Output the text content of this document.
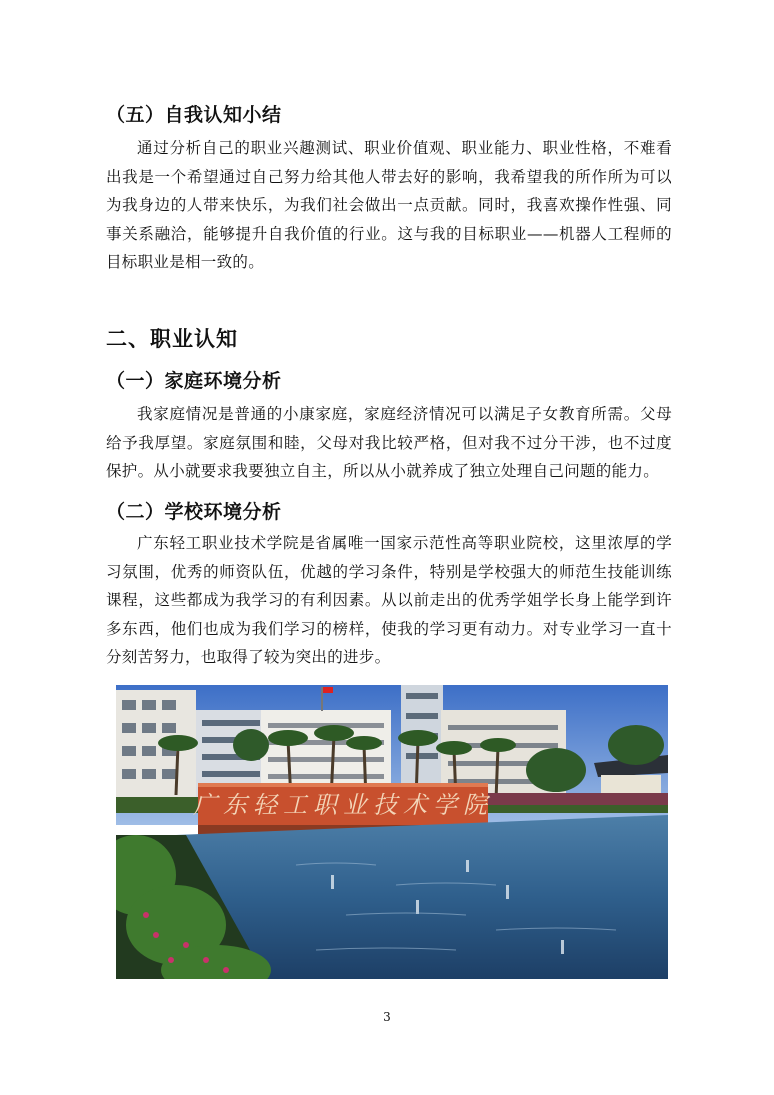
（五）自我认知小结
通过分析自己的职业兴趣测试、职业价值观、职业能力、职业性格，不难看出我是一个希望通过自己努力给其他人带去好的影响，我希望我的所作所为可以为我身边的人带来快乐，为我们社会做出一点贡献。同时，我喜欢操作性强、同事关系融洽，能够提升自我价值的行业。这与我的目标职业——机器人工程师的目标职业是相一致的。
二、职业认知
（一）家庭环境分析
我家庭情况是普通的小康家庭，家庭经济情况可以满足子女教育所需。父母给予我厚望。家庭氛围和睦，父母对我比较严格，但对我不过分干涉，也不过度保护。从小就要求我要独立自主，所以从小就养成了独立处理自己问题的能力。
（二）学校环境分析
广东轻工职业技术学院是省属唯一国家示范性高等职业院校，这里浓厚的学习氛围，优秀的师资队伍，优越的学习条件，特别是学校强大的师范生技能训练课程，这些都成为我学习的有利因素。从以前走出的优秀学姐学长身上能学到许多东西，他们也成为我们学习的榜样，使我的学习更有动力。对专业学习一直十分刻苦努力，也取得了较为突出的进步。
广东轻工职业技术学院
3
